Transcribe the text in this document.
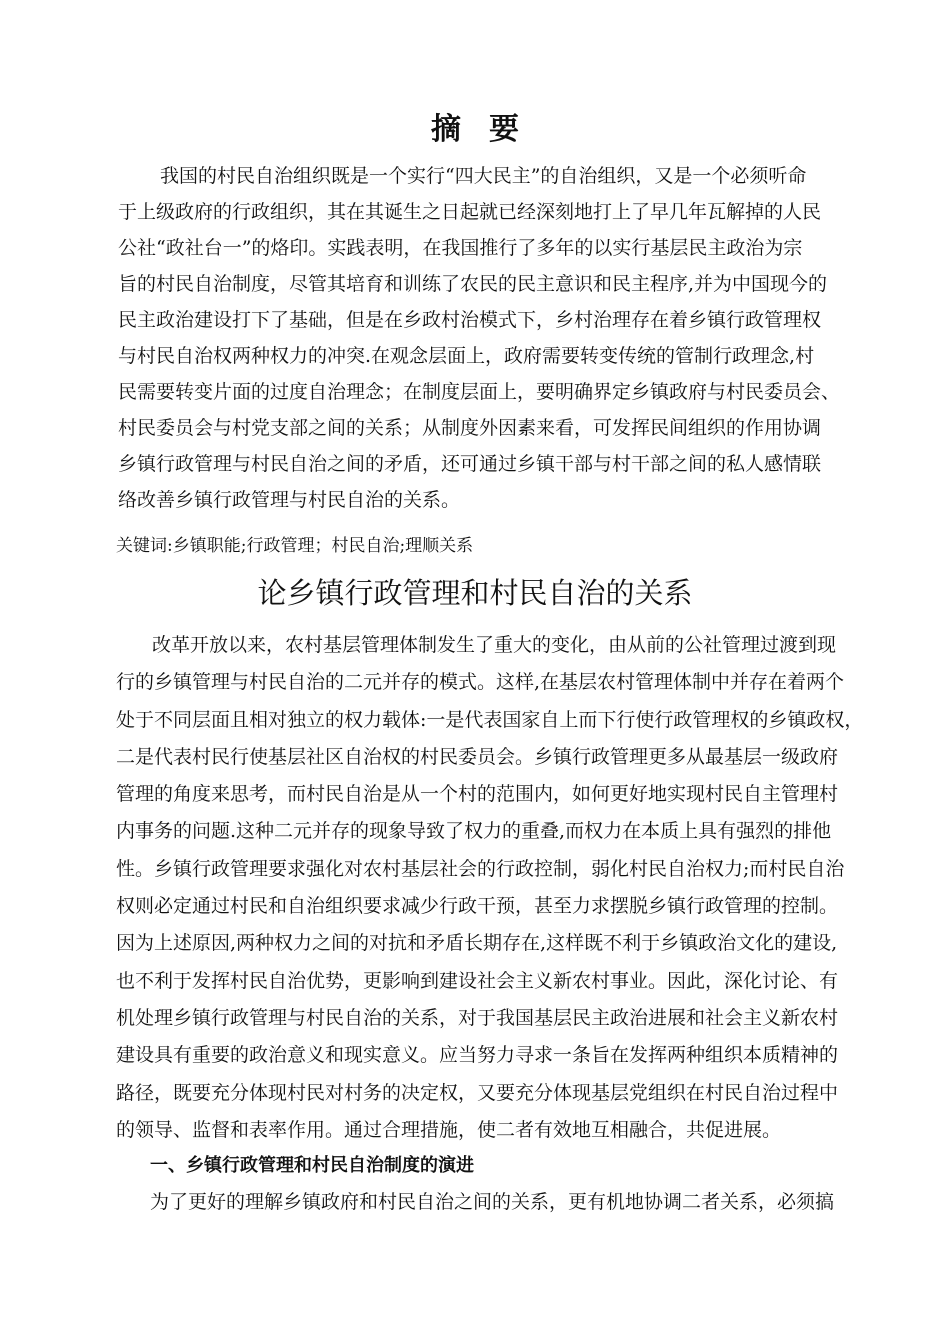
摘要
我国的村民自治组织既是一个实行“四大民主”的自治组织，又是一个必须听命
于上级政府的行政组织，其在其诞生之日起就已经深刻地打上了早几年瓦解掉的人民
公社“政社台一”的烙印。实践表明，在我国推行了多年的以实行基层民主政治为宗
旨的村民自治制度，尽管其培育和训练了农民的民主意识和民主程序,并为中国现今的
民主政治建设打下了基础，但是在乡政村治模式下，乡村治理存在着乡镇行政管理权
与村民自治权两种权力的冲突.在观念层面上，政府需要转变传统的管制行政理念,村
民需要转变片面的过度自治理念；在制度层面上，要明确界定乡镇政府与村民委员会、
村民委员会与村党支部之间的关系；从制度外因素来看，可发挥民间组织的作用协调
乡镇行政管理与村民自治之间的矛盾，还可通过乡镇干部与村干部之间的私人感情联
络改善乡镇行政管理与村民自治的关系。
关键词:乡镇职能;行政管理；村民自治;理顺关系
论乡镇行政管理和村民自治的关系
改革开放以来，农村基层管理体制发生了重大的变化，由从前的公社管理过渡到现
行的乡镇管理与村民自治的二元并存的模式。这样,在基层农村管理体制中并存在着两个
处于不同层面且相对独立的权力载体:一是代表国家自上而下行使行政管理权的乡镇政权，
二是代表村民行使基层社区自治权的村民委员会。乡镇行政管理更多从最基层一级政府
管理的角度来思考，而村民自治是从一个村的范围内，如何更好地实现村民自主管理村
内事务的问题.这种二元并存的现象导致了权力的重叠,而权力在本质上具有强烈的排他
性。乡镇行政管理要求强化对农村基层社会的行政控制，弱化村民自治权力;而村民自治
权则必定通过村民和自治组织要求减少行政干预，甚至力求摆脱乡镇行政管理的控制。
因为上述原因,两种权力之间的对抗和矛盾长期存在,这样既不利于乡镇政治文化的建设,
也不利于发挥村民自治优势，更影响到建设社会主义新农村事业。因此，深化讨论、有
机处理乡镇行政管理与村民自治的关系，对于我国基层民主政治进展和社会主义新农村
建设具有重要的政治意义和现实意义。应当努力寻求一条旨在发挥两种组织本质精神的
路径，既要充分体现村民对村务的决定权，又要充分体现基层党组织在村民自治过程中
的领导、监督和表率作用。通过合理措施，使二者有效地互相融合，共促进展。
一、乡镇行政管理和村民自治制度的演进
为了更好的理解乡镇政府和村民自治之间的关系，更有机地协调二者关系，必须搞
